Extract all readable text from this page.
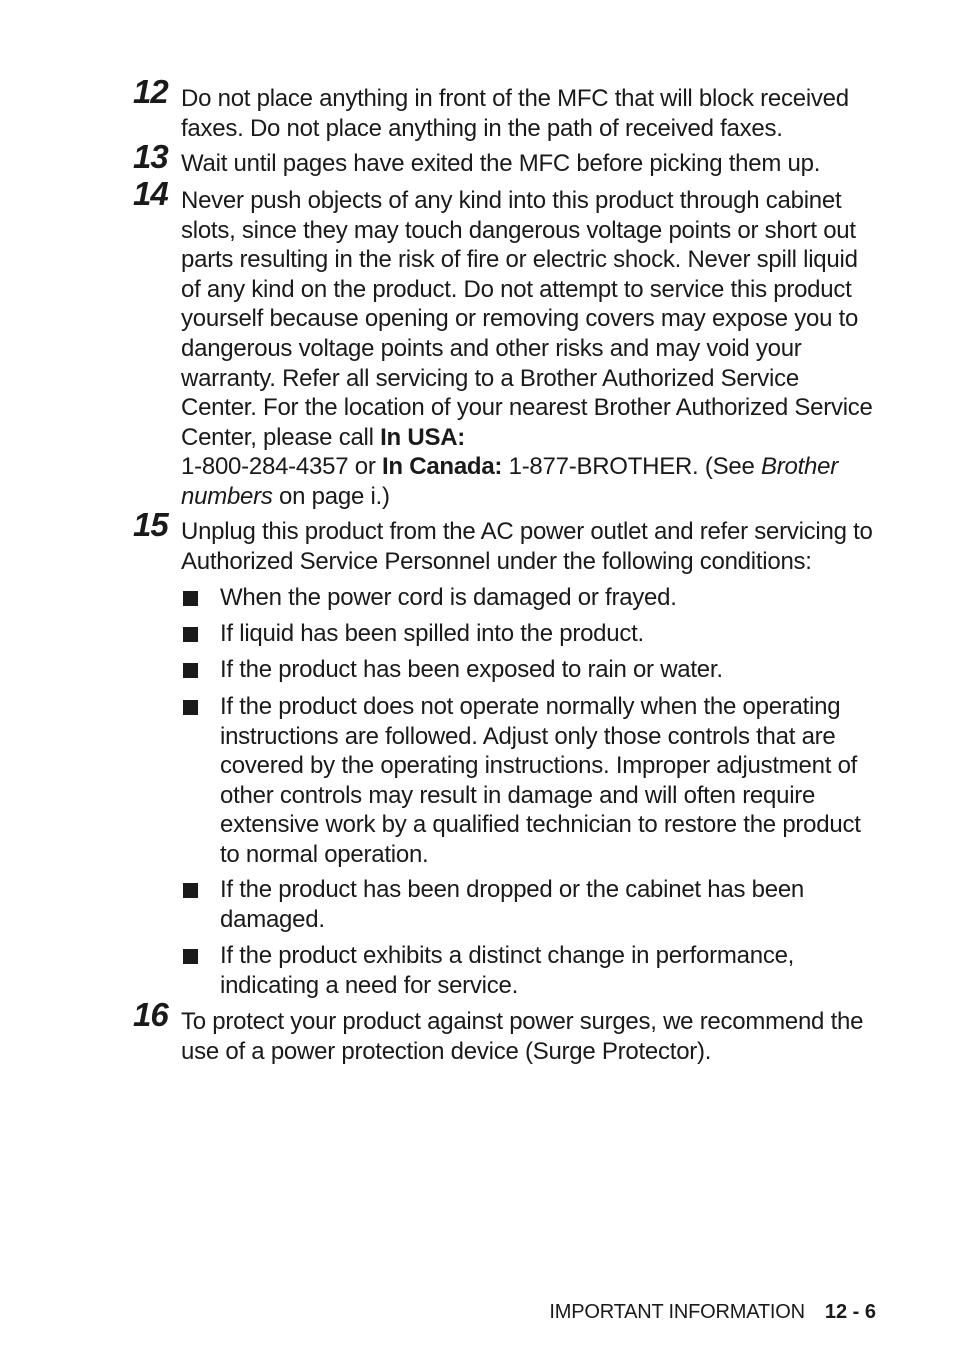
12 Do not place anything in front of the MFC that will block received faxes. Do not place anything in the path of received faxes.
13 Wait until pages have exited the MFC before picking them up.
14 Never push objects of any kind into this product through cabinet slots, since they may touch dangerous voltage points or short out parts resulting in the risk of fire or electric shock. Never spill liquid of any kind on the product. Do not attempt to service this product yourself because opening or removing covers may expose you to dangerous voltage points and other risks and may void your warranty. Refer all servicing to a Brother Authorized Service Center. For the location of your nearest Brother Authorized Service Center, please call In USA:
1-800-284-4357 or In Canada: 1-877-BROTHER. (See Brother numbers on page i.)
15 Unplug this product from the AC power outlet and refer servicing to Authorized Service Personnel under the following conditions:
When the power cord is damaged or frayed.
If liquid has been spilled into the product.
If the product has been exposed to rain or water.
If the product does not operate normally when the operating instructions are followed. Adjust only those controls that are covered by the operating instructions. Improper adjustment of other controls may result in damage and will often require extensive work by a qualified technician to restore the product to normal operation.
If the product has been dropped or the cabinet has been damaged.
If the product exhibits a distinct change in performance, indicating a need for service.
16 To protect your product against power surges, we recommend the use of a power protection device (Surge Protector).
IMPORTANT INFORMATION 12 - 6
